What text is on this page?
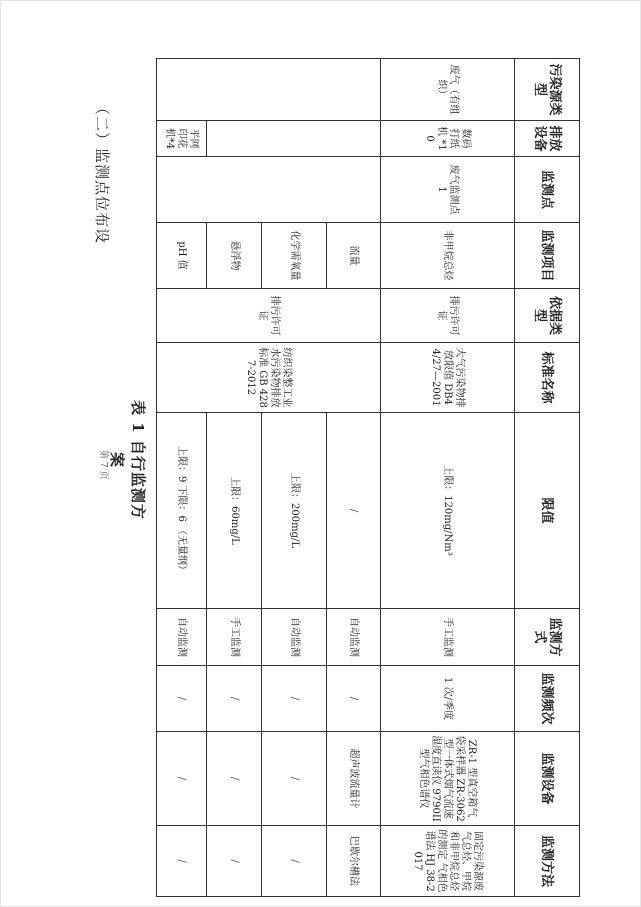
（二）监测点位布设
表 1 自行监测方案
污染源类型	排放设备	监测点	监测项目	依据类型	标准名称	限值	监测方式	监测频次	监测设备	监测方法
废气（有组织）	数码打纸机 *10	废气监测点 1	非甲烷总烃	排污许可证	大气污染物排放限值 DB44/27—2001	上限：120mg/Nm³	手工监测	1 次/季度	ZR-1 型真空箱气袋采样器 ZR-3062 型一体式烟气流速湿度直读仪 9790II 型气相色谱仪	固定污染源废气总烃、甲烷和非甲烷总烃的测定 气相色谱法 HJ 38-2017
			流量	排污许可证	纺织染整工业水污染物排放标准 GB 4287-2012	/	自动监测	/	超声波流量计	巴歇尔槽法
			化学需氧量			上限：200mg/L	自动监测	/	/	/
			悬浮物			上限：60mg/L	手工监测	/	/	/
	平网印花机*4		pH 值			上限：9 下限：6 （无量纲）	自动监测	/	/	/
第 7 页
